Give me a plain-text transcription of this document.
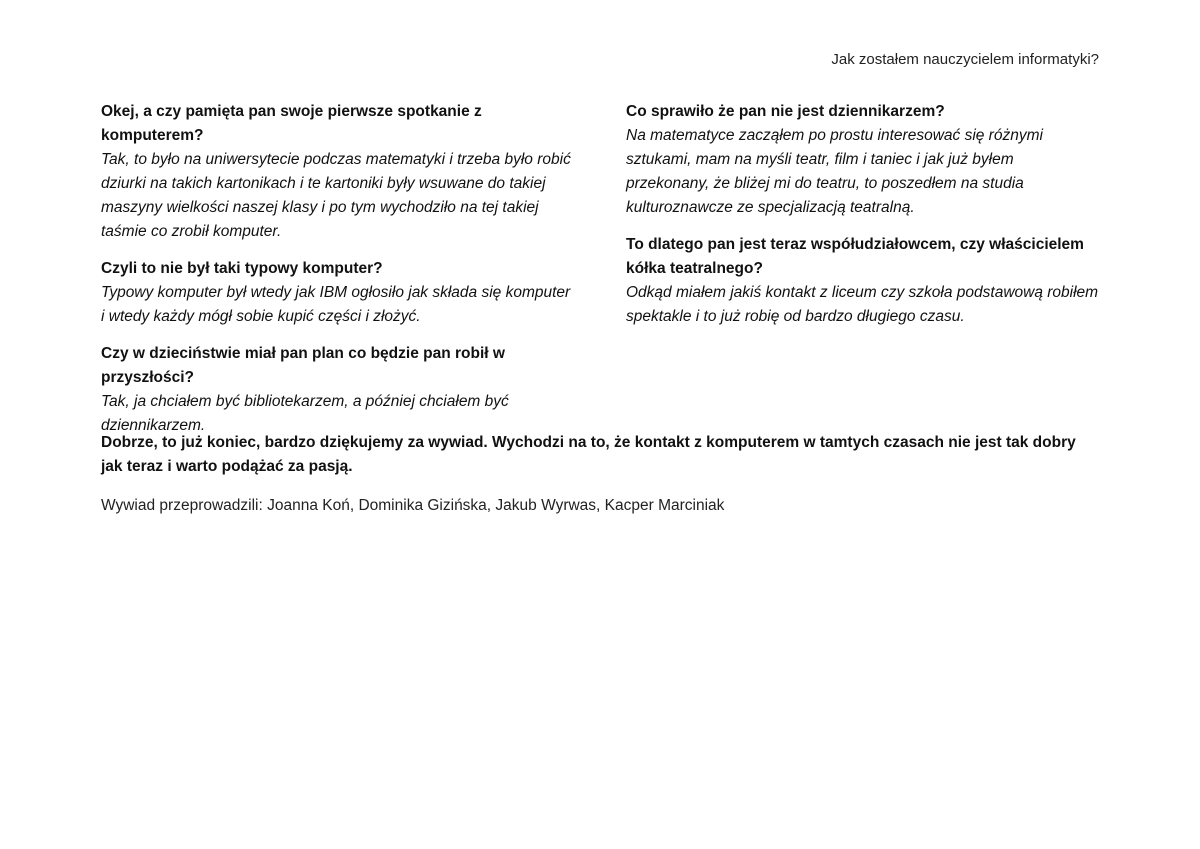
Jak zostałem nauczycielem informatyki?
Okej, a czy pamięta pan swoje pierwsze spotkanie z komputerem?
Tak, to było na uniwersytecie podczas matematyki i trzeba było robić dziurki na takich kartonikach i te kartoniki były wsuwane do takiej maszyny wielkości naszej klasy i po tym wychodziło na tej takiej taśmie co zrobił komputer.
Czyli to nie był taki typowy komputer?
Typowy komputer był wtedy jak IBM ogłosiło jak składa się komputer i wtedy każdy mógł sobie kupić części i złożyć.
Czy w dzieciństwie miał pan plan co będzie pan robił w przyszłości?
Tak, ja chciałem być bibliotekarzem, a później chciałem być dziennikarzem.
Co sprawiło że pan nie jest dziennikarzem?
Na matematyce zacząłem po prostu interesować się różnymi sztukami, mam na myśli teatr, film i taniec i jak już byłem przekonany, że bliżej mi do teatru, to poszedłem na studia kulturoznawcze ze specjalizacją teatralną.
To dlatego pan jest teraz współudziałowcem, czy właścicielem kółka teatralnego?
Odkąd miałem jakiś kontakt z liceum czy szkoła podstawową robiłem spektakle i to już robię od bardzo długiego czasu.
Dobrze, to już koniec, bardzo dziękujemy za wywiad. Wychodzi na to, że kontakt z komputerem w tamtych czasach nie jest tak dobry jak teraz i warto podążać za pasją.
Wywiad przeprowadzili: Joanna Koń, Dominika Gizińska, Jakub Wyrwas, Kacper Marciniak
